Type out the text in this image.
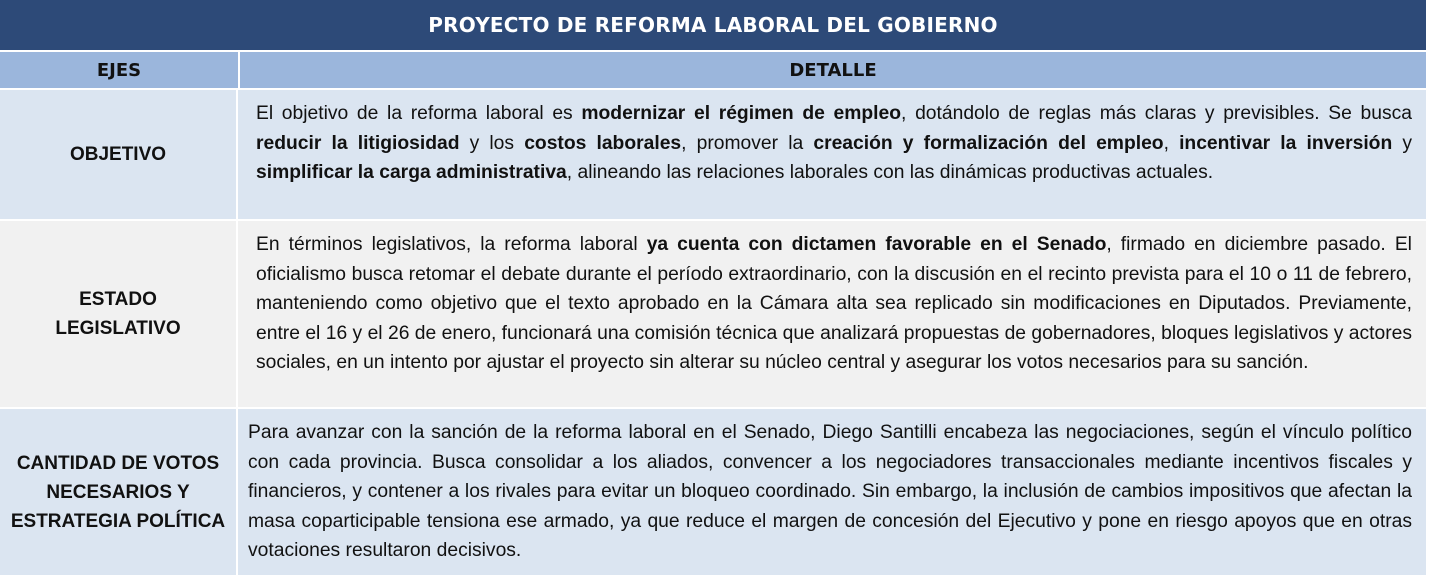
PROYECTO DE REFORMA LABORAL DEL GOBIERNO
EJES	DETALLE
OBJETIVO
El objetivo de la reforma laboral es modernizar el régimen de empleo, dotándolo de reglas más claras y previsibles. Se busca reducir la litigiosidad y los costos laborales, promover la creación y formalización del empleo, incentivar la inversión y simplificar la carga administrativa, alineando las relaciones laborales con las dinámicas productivas actuales.
ESTADO LEGISLATIVO
En términos legislativos, la reforma laboral ya cuenta con dictamen favorable en el Senado, firmado en diciembre pasado. El oficialismo busca retomar el debate durante el período extraordinario, con la discusión en el recinto prevista para el 10 o 11 de febrero, manteniendo como objetivo que el texto aprobado en la Cámara alta sea replicado sin modificaciones en Diputados. Previamente, entre el 16 y el 26 de enero, funcionará una comisión técnica que analizará propuestas de gobernadores, bloques legislativos y actores sociales, en un intento por ajustar el proyecto sin alterar su núcleo central y asegurar los votos necesarios para su sanción.
CANTIDAD DE VOTOS NECESARIOS Y ESTRATEGIA POLÍTICA
Para avanzar con la sanción de la reforma laboral en el Senado, Diego Santilli encabeza las negociaciones, según el vínculo político con cada provincia. Busca consolidar a los aliados, convencer a los negociadores transaccionales mediante incentivos fiscales y financieros, y contener a los rivales para evitar un bloqueo coordinado. Sin embargo, la inclusión de cambios impositivos que afectan la masa coparticipable tensiona ese armado, ya que reduce el margen de concesión del Ejecutivo y pone en riesgo apoyos que en otras votaciones resultaron decisivos.
